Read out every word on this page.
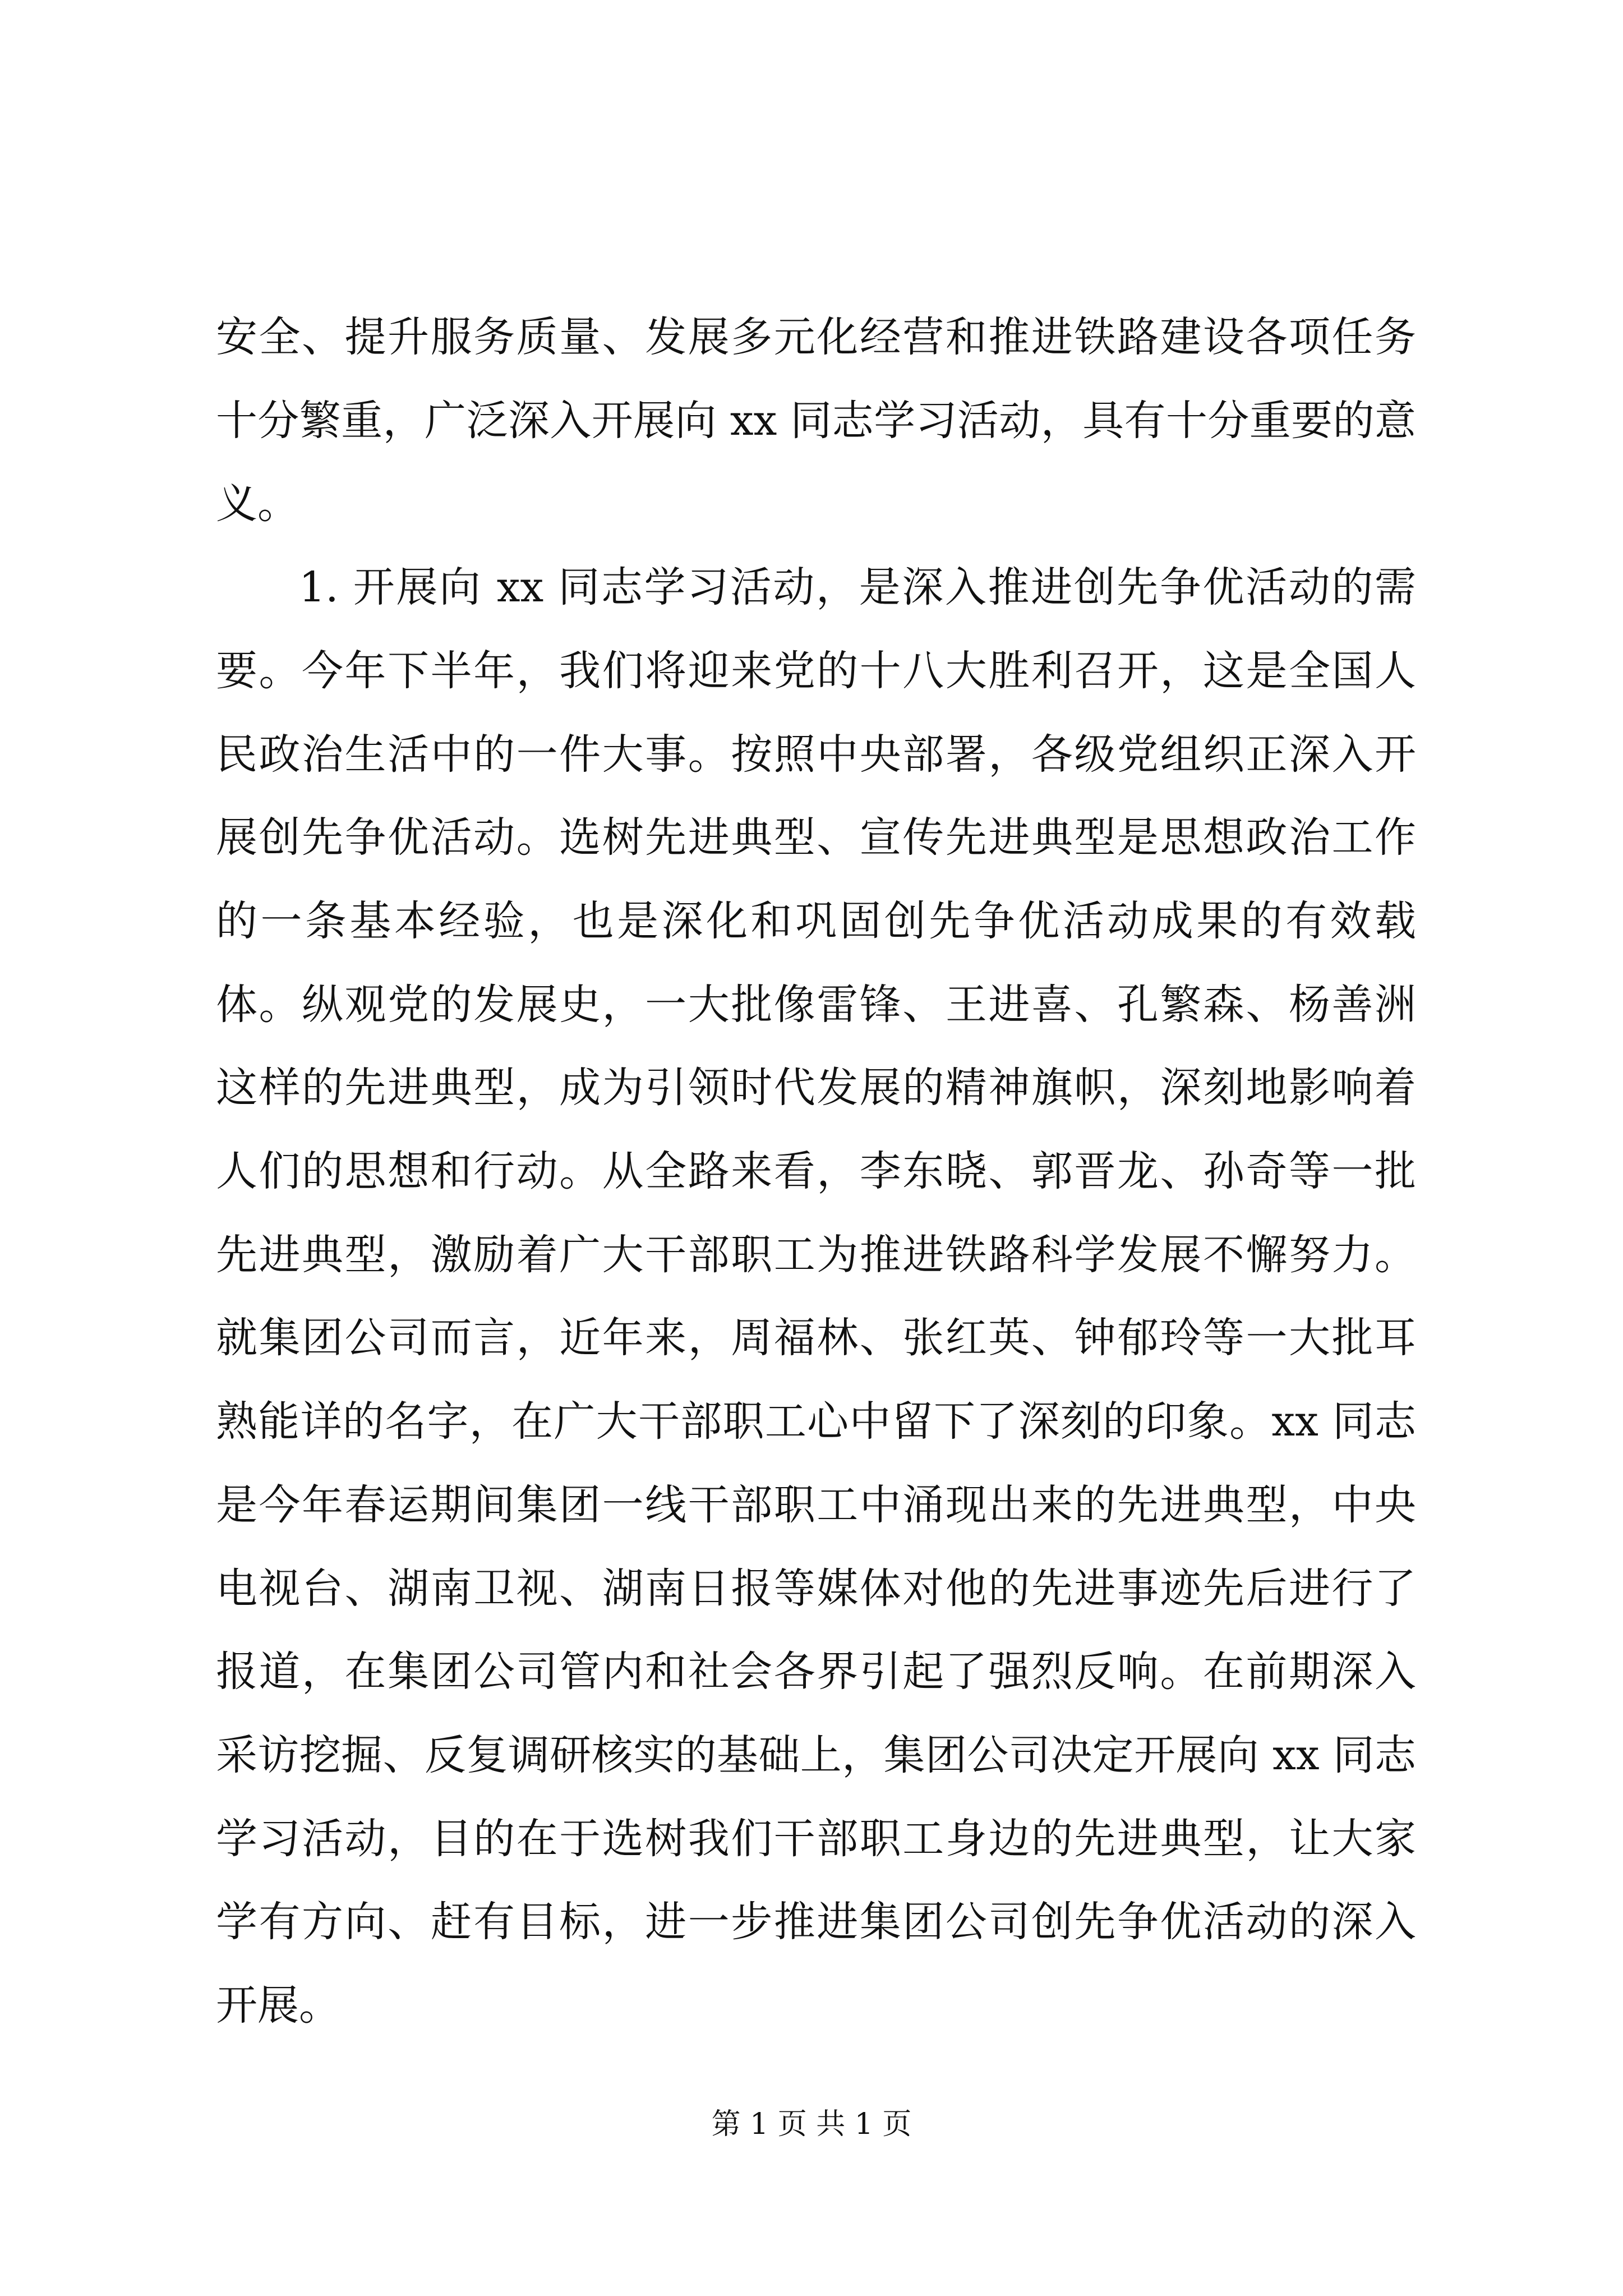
安全、提升服务质量、发展多元化经营和推进铁路建设各项任务十分繁重，广泛深入开展向 xx 同志学习活动，具有十分重要的意义。

1. 开展向 xx 同志学习活动，是深入推进创先争优活动的需要。今年下半年，我们将迎来党的十八大胜利召开，这是全国人民政治生活中的一件大事。按照中央部署，各级党组织正深入开展创先争优活动。选树先进典型、宣传先进典型是思想政治工作的一条基本经验，也是深化和巩固创先争优活动成果的有效载体。纵观党的发展史，一大批像雷锋、王进喜、孔繁森、杨善洲这样的先进典型，成为引领时代发展的精神旗帜，深刻地影响着人们的思想和行动。从全路来看，李东晓、郭晋龙、孙奇等一批先进典型，激励着广大干部职工为推进铁路科学发展不懈努力。就集团公司而言，近年来，周福林、张红英、钟郁玲等一大批耳熟能详的名字，在广大干部职工心中留下了深刻的印象。xx 同志是今年春运期间集团一线干部职工中涌现出来的先进典型，中央电视台、湖南卫视、湖南日报等媒体对他的先进事迹先后进行了报道，在集团公司管内和社会各界引起了强烈反响。在前期深入采访挖掘、反复调研核实的基础上，集团公司决定开展向 xx 同志学习活动，目的在于选树我们干部职工身边的先进典型，让大家学有方向、赶有目标，进一步推进集团公司创先争优活动的深入开展。

第 1 页 共 1 页
